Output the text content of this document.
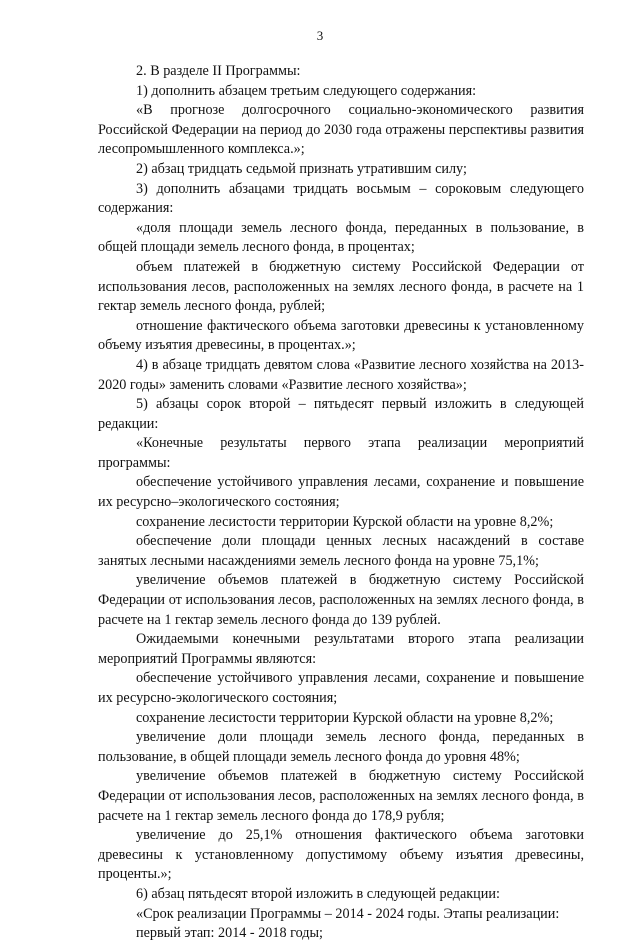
3

2. В разделе II Программы:

1) дополнить абзацем третьим следующего содержания:

«В прогнозе долгосрочного социально-экономического развития Российской Федерации на период до 2030 года отражены перспективы развития лесопромышленного комплекса.»;

2) абзац тридцать седьмой признать утратившим силу;

3) дополнить абзацами тридцать восьмым – сороковым следующего содержания:

«доля площади земель лесного фонда, переданных в пользование, в общей площади земель лесного фонда, в процентах;

объем платежей в бюджетную систему Российской Федерации от использования лесов, расположенных на землях лесного фонда, в расчете на 1 гектар земель лесного фонда, рублей;

отношение фактического объема заготовки древесины к установленному объему изъятия древесины, в процентах.»;

4) в абзаце тридцать девятом слова «Развитие лесного хозяйства на 2013-2020 годы» заменить словами «Развитие лесного хозяйства»;

5) абзацы сорок второй – пятьдесят первый изложить в следующей редакции:

«Конечные результаты первого этапа реализации мероприятий программы:

обеспечение устойчивого управления лесами, сохранение и повышение их ресурсно–экологического состояния;

сохранение лесистости территории Курской области на уровне 8,2%;

обеспечение доли площади ценных лесных насаждений в составе занятых лесными насаждениями земель лесного фонда на уровне 75,1%;

увеличение объемов платежей в бюджетную систему Российской Федерации от использования лесов, расположенных на землях лесного фонда, в расчете на 1 гектар земель лесного фонда до 139 рублей.

Ожидаемыми конечными результатами второго этапа реализации мероприятий Программы являются:

обеспечение устойчивого управления лесами, сохранение и повышение их ресурсно-экологического состояния;

сохранение лесистости территории Курской области на уровне 8,2%;

увеличение доли площади земель лесного фонда, переданных в пользование, в общей площади земель лесного фонда до уровня 48%;

увеличение объемов платежей в бюджетную систему Российской Федерации от использования лесов, расположенных на землях лесного фонда, в расчете на 1 гектар земель лесного фонда до 178,9 рубля;

увеличение до 25,1% отношения фактического объема заготовки древесины к установленному допустимому объему изъятия древесины, проценты.»;

6) абзац пятьдесят второй изложить в следующей редакции:

«Срок реализации Программы – 2014 - 2024 годы. Этапы реализации:

первый этап: 2014 - 2018 годы;
